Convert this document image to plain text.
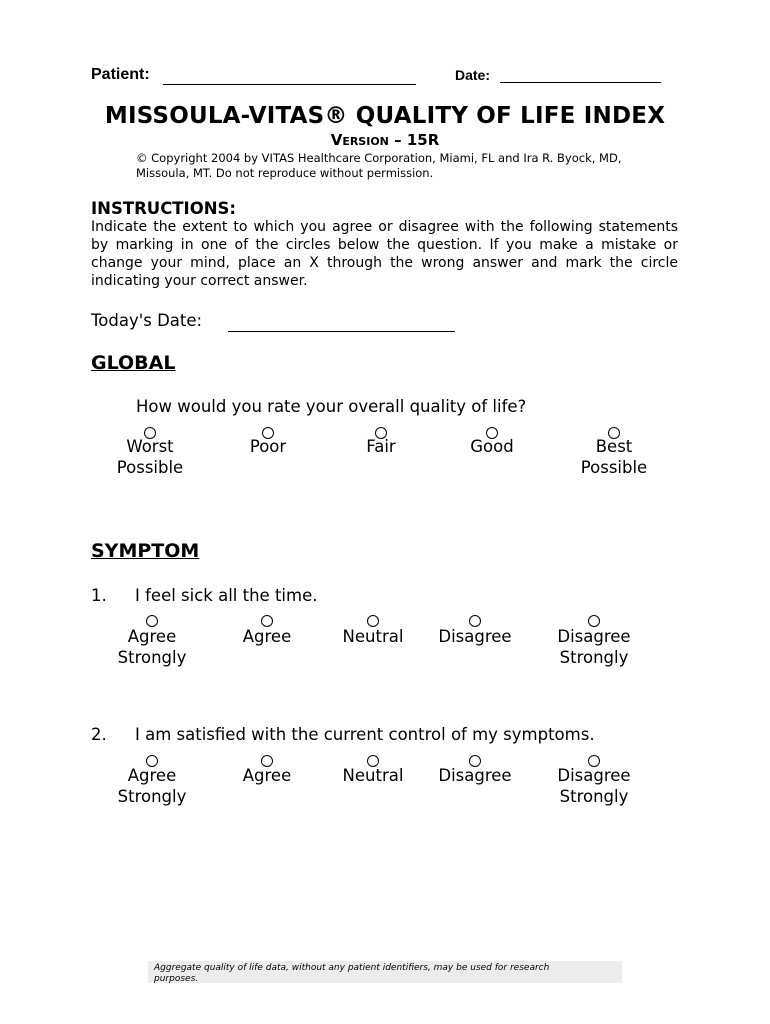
Patient:	Date:
MISSOULA-VITAS® QUALITY OF LIFE INDEX
Version – 15R
© Copyright 2004 by VITAS Healthcare Corporation, Miami, FL and Ira R. Byock, MD,
Missoula, MT. Do not reproduce without permission.
INSTRUCTIONS:
Indicate the extent to which you agree or disagree with the following statements by marking in one of the circles below the question. If you make a mistake or change your mind, place an X through the wrong answer and mark the circle indicating your correct answer.
Today's Date:
GLOBAL
How would you rate your overall quality of life?
Worst
Possible
Poor	Fair	Good	Best
Possible
SYMPTOM
1. I feel sick all the time.
Agree
Strongly
Agree	Neutral	Disagree	Disagree
Strongly
2. I am satisfied with the current control of my symptoms.
Agree
Strongly
Agree	Neutral	Disagree	Disagree
Strongly
Aggregate quality of life data, without any patient identifiers, may be used for research
purposes.
